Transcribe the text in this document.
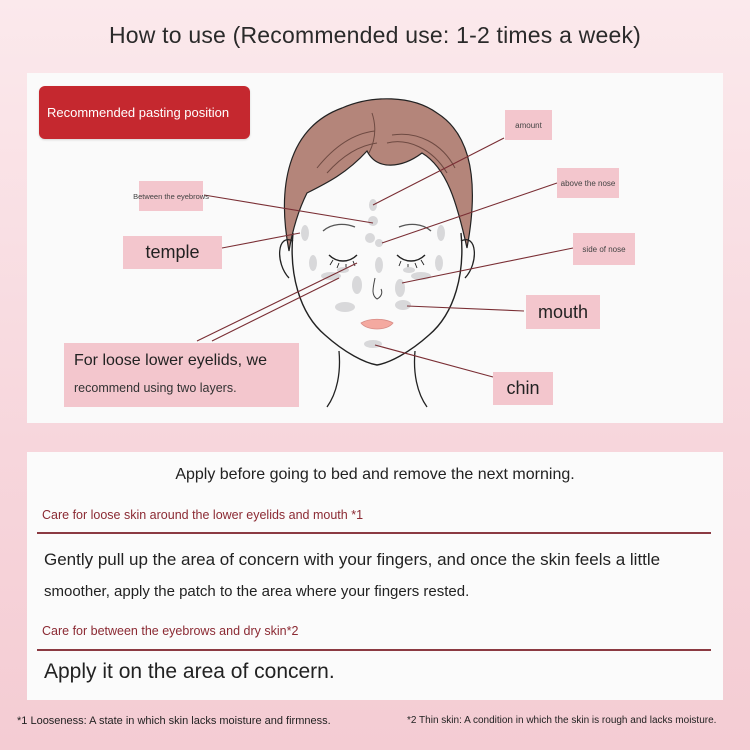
How to use (Recommended use: 1-2 times a week)
Recommended pasting position
Between the eyebrows
temple
amount
above the nose
side of nose
mouth
chin
For loose lower eyelids, we
recommend using two layers.
Apply before going to bed and remove the next morning.
Care for loose skin around the lower eyelids and mouth *1
Gently pull up the area of concern with your fingers, and once the skin feels a little
smoother, apply the patch to the area where your fingers rested.
Care for between the eyebrows and dry skin*2
Apply it on the area of concern.
*1 Looseness: A state in which skin lacks moisture and firmness.	*2 Thin skin: A condition in which the skin is rough and lacks moisture.
